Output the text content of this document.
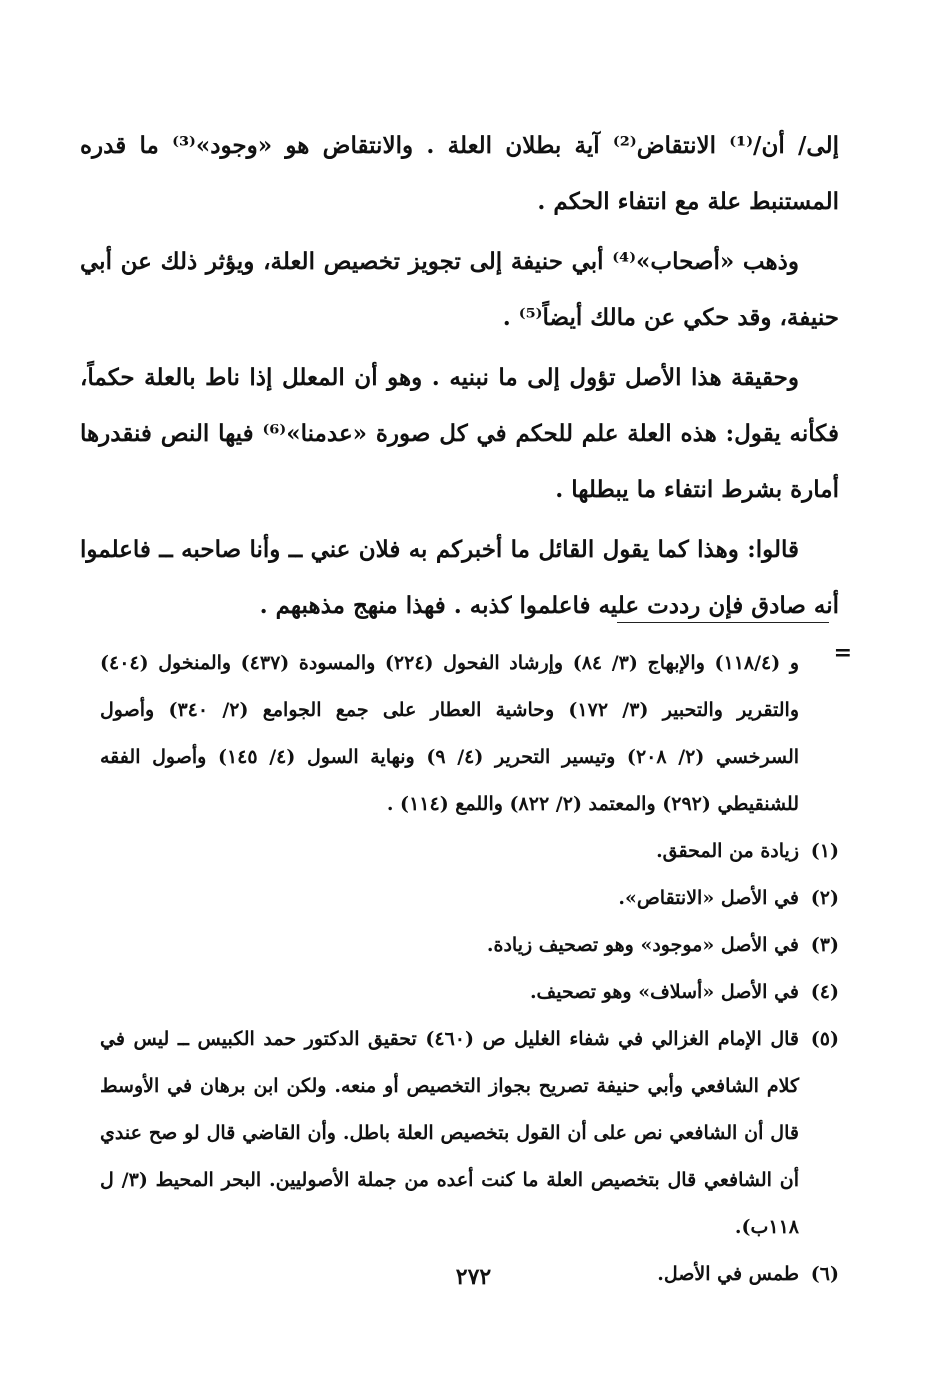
إلى/ أن/⁽¹⁾ الانتقاض⁽²⁾ آية بطلان العلة . والانتقاض هو «وجود»⁽³⁾ ما قدره المستنبط علة مع انتفاء الحكم .

وذهب «أصحاب»⁽⁴⁾ أبي حنيفة إلى تجويز تخصيص العلة، ويؤثر ذلك عن أبي حنيفة، وقد حكي عن مالك أيضاً⁽⁵⁾ .

وحقيقة هذا الأصل تؤول إلى ما نبنيه . وهو أن المعلل إذا ناط بالعلة حكماً، فكأنه يقول: هذه العلة علم للحكم في كل صورة «عدمنا»⁽⁶⁾ فيها النص فنقدرها أمارة بشرط انتفاء ما يبطلها .

قالوا: وهذا كما يقول القائل ما أخبركم به فلان عني ــ وأنا صاحبه ــ فاعلموا أنه صادق فإن رددت عليه فاعلموا كذبه . فهذا منهج مذهبهم .

=

و (١١٨/٤) والإبهاج (٣/ ٨٤) وإرشاد الفحول (٢٢٤) والمسودة (٤٣٧) والمنخول (٤٠٤) والتقرير والتحبير (٣/ ١٧٢) وحاشية العطار على جمع الجوامع (٢/ ٣٤٠) وأصول السرخسي (٢/ ٢٠٨) وتيسير التحرير (٤/ ٩) ونهاية السول (٤/ ١٤٥) وأصول الفقه للشنقيطي (٢٩٢) والمعتمد (٢/ ٨٢٢) واللمع (١١٤) .

(١)
زيادة من المحقق.
(٢)
في الأصل «الانتقاص».
(٣)
في الأصل «موجود» وهو تصحيف زيادة.
(٤)
في الأصل «أسلاف» وهو تصحيف.
(٥)
قال الإمام الغزالي في شفاء الغليل ص (٤٦٠) تحقيق الدكتور حمد الكبيس ــ ليس في كلام الشافعي وأبي حنيفة تصريح بجواز التخصيص أو منعه. ولكن ابن برهان في الأوسط قال أن الشافعي نص على أن القول بتخصيص العلة باطل. وأن القاضي قال لو صح عندي أن الشافعي قال بتخصيص العلة ما كنت أعده من جملة الأصوليين. البحر المحيط (٣/ ل ١١٨ب).
(٦)
طمس في الأصل.
٢٧٢
